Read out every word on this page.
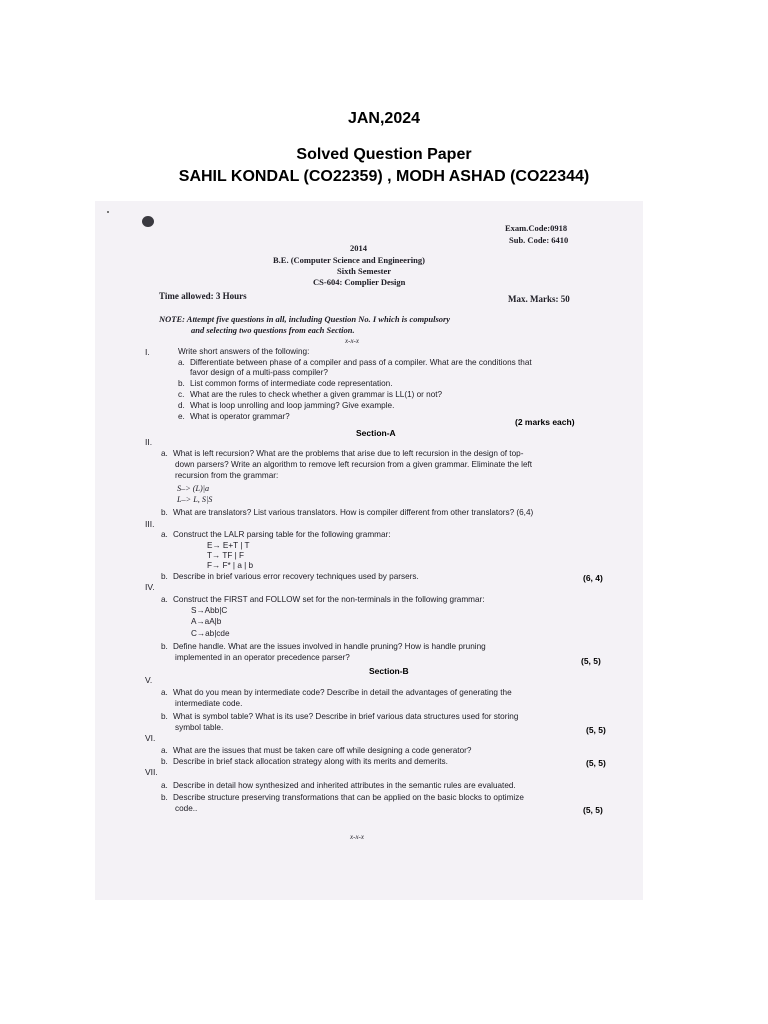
JAN,2024
Solved Question Paper
SAHIL KONDAL (CO22359) , MODH ASHAD (CO22344)
Exam.Code:0918
Sub. Code: 6410
2014
B.E. (Computer Science and Engineering)
Sixth Semester
CS-604: Complier Design
Time allowed: 3 Hours	Max. Marks: 50
NOTE: Attempt five questions in all, including Question No. I which is compulsory
and selecting two questions from each Section.
x-x-x
I.	Write short answers of the following:
a. Differentiate between phase of a compiler and pass of a compiler. What are the conditions that
favor design of a multi-pass compiler?
b. List common forms of intermediate code representation.
c. What are the rules to check whether a given grammar is LL(1) or not?
d. What is loop unrolling and loop jamming? Give example.
e. What is operator grammar?
(2 marks each)
Section-A
II.
a. What is left recursion? What are the problems that arise due to left recursion in the design of top-
down parsers? Write an algorithm to remove left recursion from a given grammar. Eliminate the left
recursion from the grammar:
S–> (L)|a
L–> L, S|S
b. What are translators? List various translators. How is compiler different from other translators? (6,4)
III.
a. Construct the LALR parsing table for the following grammar:
E→ E+T | T
T→ TF | F
F→ F* | a | b
b. Describe in brief various error recovery techniques used by parsers.	(6, 4)
IV.
a. Construct the FIRST and FOLLOW set for the non-terminals in the following grammar:
S→Abb|C
A→aA|b
C→ab|cde
b. Define handle. What are the issues involved in handle pruning? How is handle pruning
implemented in an operator precedence parser?	(5, 5)
Section-B
V.
a. What do you mean by intermediate code? Describe in detail the advantages of generating the
intermediate code.
b. What is symbol table? What is its use? Describe in brief various data structures used for storing
symbol table.	(5, 5)
VI.
a. What are the issues that must be taken care off while designing a code generator?
b. Describe in brief stack allocation strategy along with its merits and demerits.	(5, 5)
VII.
a. Describe in detail how synthesized and inherited attributes in the semantic rules are evaluated.
b. Describe structure preserving transformations that can be applied on the basic blocks to optimize
code..	(5, 5)
x-x-x
